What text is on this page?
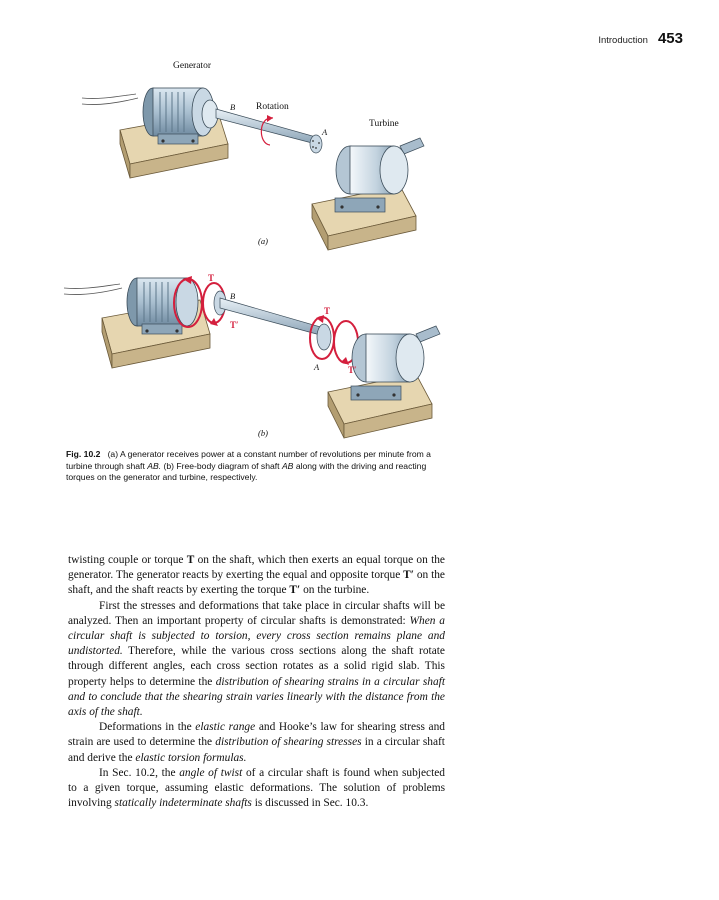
Introduction 453
Generator
B Rotation
Turbine
A
(a)
T
B
T′
T
A	T′
(b)
Fig. 10.2 (a) A generator receives power at a constant number of revolutions per minute from a turbine through shaft AB. (b) Free-body diagram of shaft AB along with the driving and reacting torques on the generator and turbine, respectively.

twisting couple or torque T on the shaft, which then exerts an equal torque on the generator. The generator reacts by exerting the equal and opposite torque T′ on the shaft, and the shaft reacts by exerting the torque T′ on the turbine.

First the stresses and deformations that take place in circular shafts will be analyzed. Then an important property of circular shafts is demonstrated: When a circular shaft is subjected to torsion, every cross section remains plane and undistorted. Therefore, while the various cross sections along the shaft rotate through different angles, each cross section rotates as a solid rigid slab. This property helps to determine the distribution of shearing strains in a circular shaft and to conclude that the shearing strain varies linearly with the distance from the axis of the shaft.

Deformations in the elastic range and Hooke’s law for shearing stress and strain are used to determine the distribution of shearing stresses in a circular shaft and derive the elastic torsion formulas.

In Sec. 10.2, the angle of twist of a circular shaft is found when subjected to a given torque, assuming elastic deformations. The solution of problems involving statically indeterminate shafts is discussed in Sec. 10.3.
